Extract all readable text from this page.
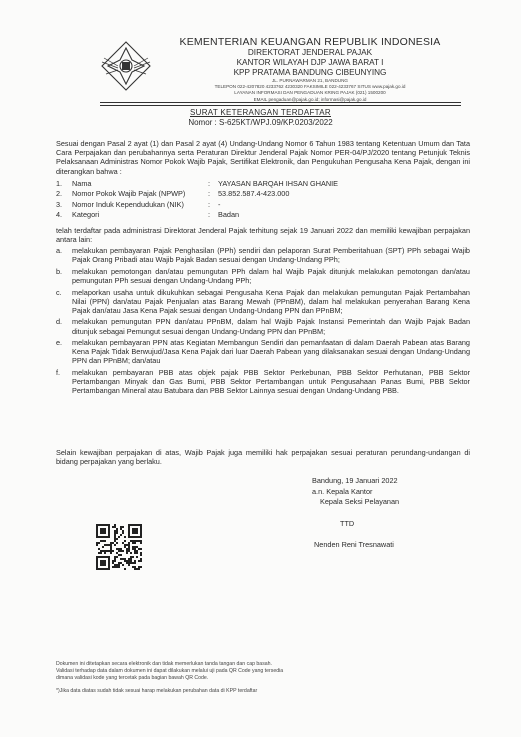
KEMENTERIAN KEUANGAN REPUBLIK INDONESIA
DIREKTORAT JENDERAL PAJAK
KANTOR WILAYAH DJP JAWA BARAT I
KPP PRATAMA BANDUNG CIBEUNYING
JL. PURNAWARMAN 21, BANDUNG
TELEPON 022-4207820 4233762 4230320 FAKSIMILE 022-4233767 SITUS www.pajak.go.id
LAYANAN INFORMASI DAN PENGADUAN KRING PAJAK (021) 1500200
EMAIL pengaduan@pajak.go.id; informasi@pajak.go.id
SURAT KETERANGAN TERDAFTAR
Nomor : S-625KT/WPJ.09/KP.0203/2022
Sesuai dengan Pasal 2 ayat (1) dan Pasal 2 ayat (4) Undang-Undang Nomor 6 Tahun 1983 tentang Ketentuan Umum dan Tata Cara Perpajakan dan perubahannya serta Peraturan Direktur Jenderal Pajak Nomor PER-04/PJ/2020 tentang Petunjuk Teknis Pelaksanaan Administras Nomor Pokok Wajib Pajak, Sertifikat Elektronik, dan Pengukuhan Pengusaha Kena Pajak, dengan ini diterangkan bahwa :
1.	Nama	:	YAYASAN BARQAH IHSAN GHANIE
2.	Nomor Pokok Wajib Pajak (NPWP)	:	53.852.587.4-423.000
3.	Nomor Induk Kependudukan (NIK)	:	-
4.	Kategori	:	Badan
telah terdaftar pada administrasi Direktorat Jenderal Pajak terhitung sejak 19 Januari 2022 dan memiliki kewajiban perpajakan antara lain:
a.	melakukan pembayaran Pajak Penghasilan (PPh) sendiri dan pelaporan Surat Pemberitahuan (SPT) PPh sebagai Wajib Pajak Orang Pribadi atau Wajib Pajak Badan sesuai dengan Undang-Undang PPh;
b.	melakukan pemotongan dan/atau pemungutan PPh dalam hal Wajib Pajak ditunjuk melakukan pemotongan dan/atau pemungutan PPh sesuai dengan Undang-Undang PPh;
c.	melaporkan usaha untuk dikukuhkan sebagai Pengusaha Kena Pajak dan melakukan pemungutan Pajak Pertambahan Nilai (PPN) dan/atau Pajak Penjualan atas Barang Mewah (PPnBM), dalam hal melakukan penyerahan Barang Kena Pajak dan/atau Jasa Kena Pajak sesuai dengan Undang-Undang PPN dan PPnBM;
d.	melakukan pemungutan PPN dan/atau PPnBM, dalam hal Wajib Pajak Instansi Pemerintah dan Wajib Pajak Badan ditunjuk sebagai Pemungut sesuai dengan Undang-Undang PPN dan PPnBM;
e.	melakukan pembayaran PPN atas Kegiatan Membangun Sendiri dan pemanfaatan di dalam Daerah Pabean atas Barang Kena Pajak Tidak Berwujud/Jasa Kena Pajak dari luar Daerah Pabean yang dilaksanakan sesuai dengan Undang-Undang PPN dan PPnBM; dan/atau
f.	melakukan pembayaran PBB atas objek pajak PBB Sektor Perkebunan, PBB Sektor Perhutanan, PBB Sektor Pertambangan Minyak dan Gas Bumi, PBB Sektor Pertambangan untuk Pengusahaan Panas Bumi, PBB Sektor Pertambangan Mineral atau Batubara dan PBB Sektor Lainnya sesuai dengan Undang-Undang PBB.
Selain kewajiban perpajakan di atas, Wajib Pajak juga memiliki hak perpajakan sesuai peraturan perundang-undangan di bidang perpajakan yang berlaku.
Bandung, 19 Januari 2022
a.n. Kepala Kantor
Kepala Seksi Pelayanan
TTD
Nenden Reni Tresnawati

Dokumen ini ditetapkan secara elektronik dan tidak memerlukan tanda tangan dan cap basah.

Validasi terhadap data dalam dokumen ini dapat dilakukan melalui uji pada QR Code yang tersedia

dimana validasi kode yang tercetak pada bagian bawah QR Code.

*)Jika data diatas sudah tidak sesuai harap melakukan perubahan data di KPP terdaftar
